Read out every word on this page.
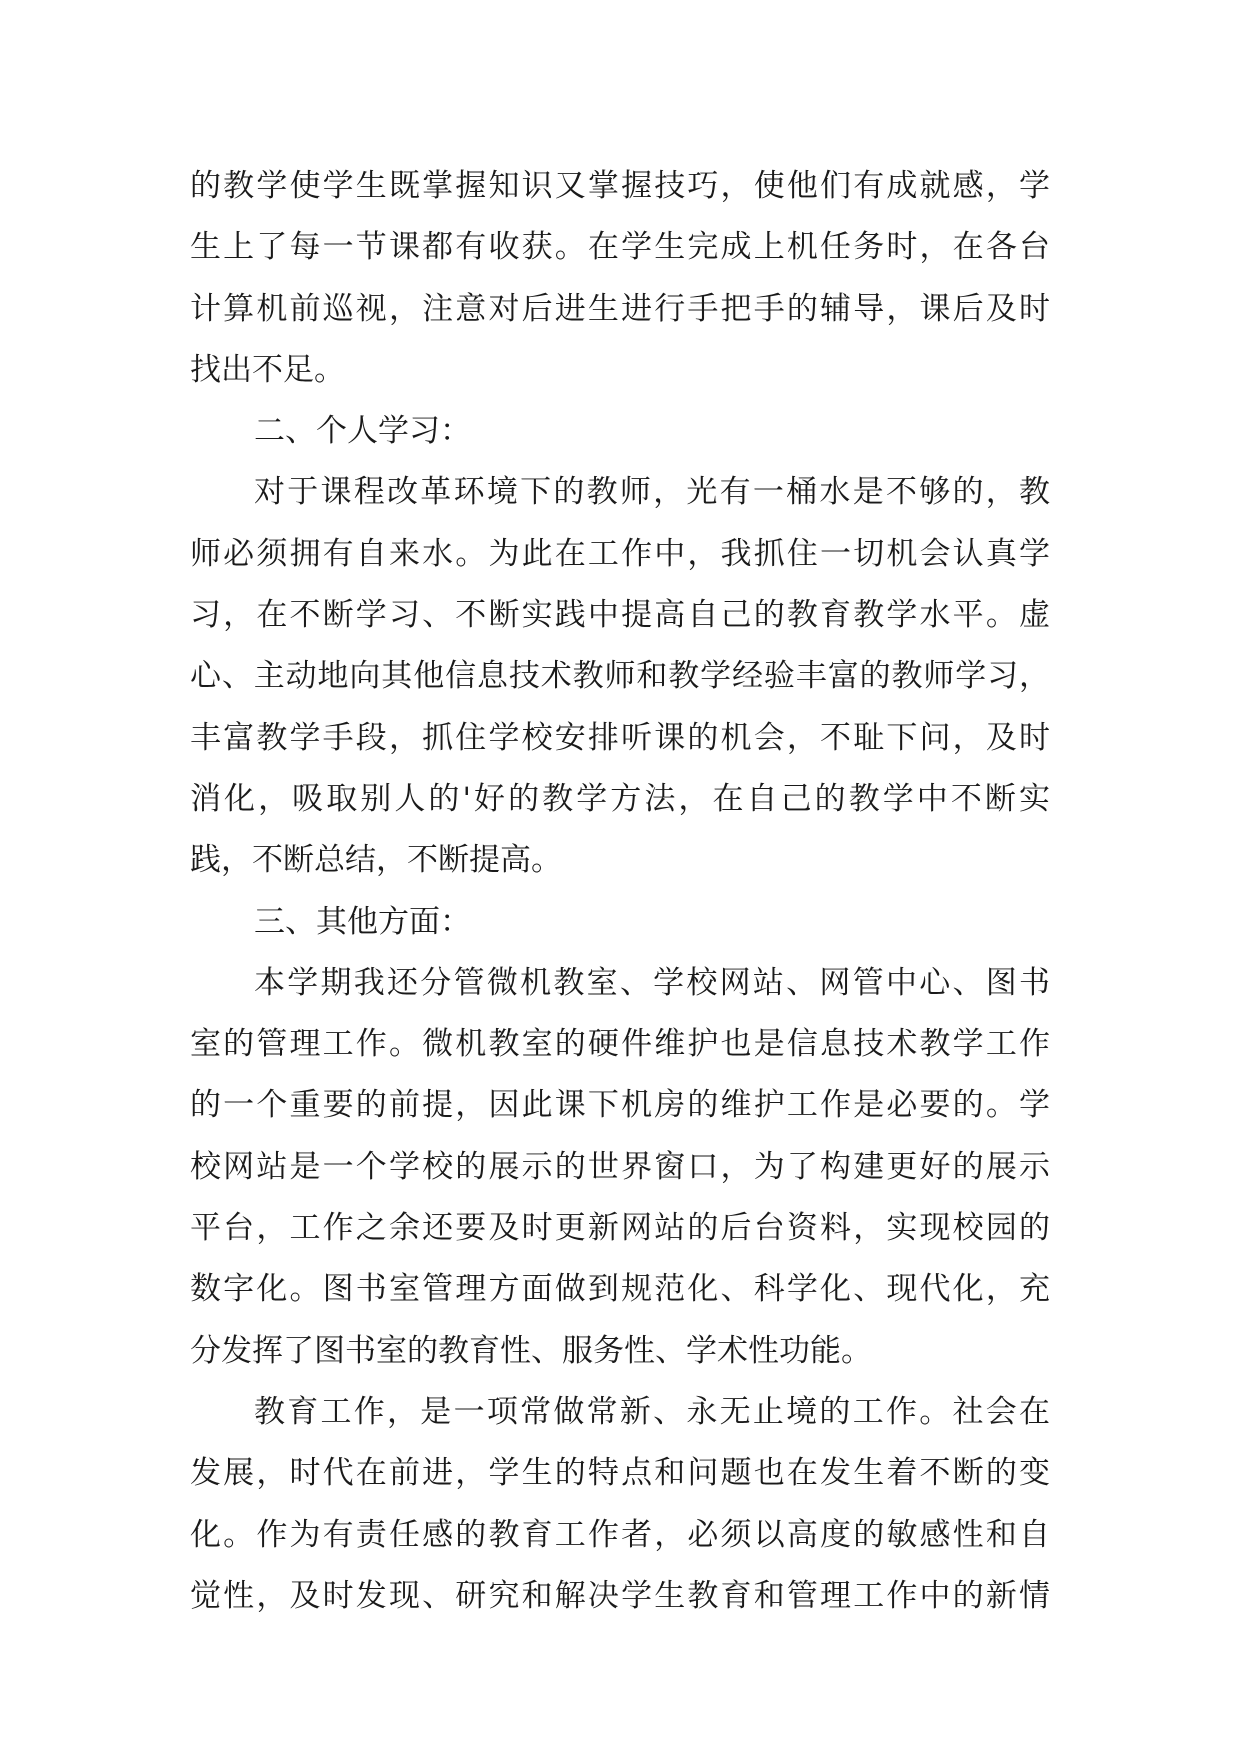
的教学使学生既掌握知识又掌握技巧，使他们有成就感，学
生上了每一节课都有收获。在学生完成上机任务时，在各台
计算机前巡视，注意对后进生进行手把手的辅导，课后及时
找出不足。
二、个人学习：
对于课程改革环境下的教师，光有一桶水是不够的，教
师必须拥有自来水。为此在工作中，我抓住一切机会认真学
习，在不断学习、不断实践中提高自己的教育教学水平。虚
心、主动地向其他信息技术教师和教学经验丰富的教师学习，
丰富教学手段，抓住学校安排听课的机会，不耻下问，及时
消化，吸取别人的'好的教学方法，在自己的教学中不断实
践，不断总结，不断提高。
三、其他方面：
本学期我还分管微机教室、学校网站、网管中心、图书
室的管理工作。微机教室的硬件维护也是信息技术教学工作
的一个重要的前提，因此课下机房的维护工作是必要的。学
校网站是一个学校的展示的世界窗口，为了构建更好的展示
平台，工作之余还要及时更新网站的后台资料，实现校园的
数字化。图书室管理方面做到规范化、科学化、现代化，充
分发挥了图书室的教育性、服务性、学术性功能。
教育工作，是一项常做常新、永无止境的工作。社会在
发展，时代在前进，学生的特点和问题也在发生着不断的变
化。作为有责任感的教育工作者，必须以高度的敏感性和自
觉性，及时发现、研究和解决学生教育和管理工作中的新情
